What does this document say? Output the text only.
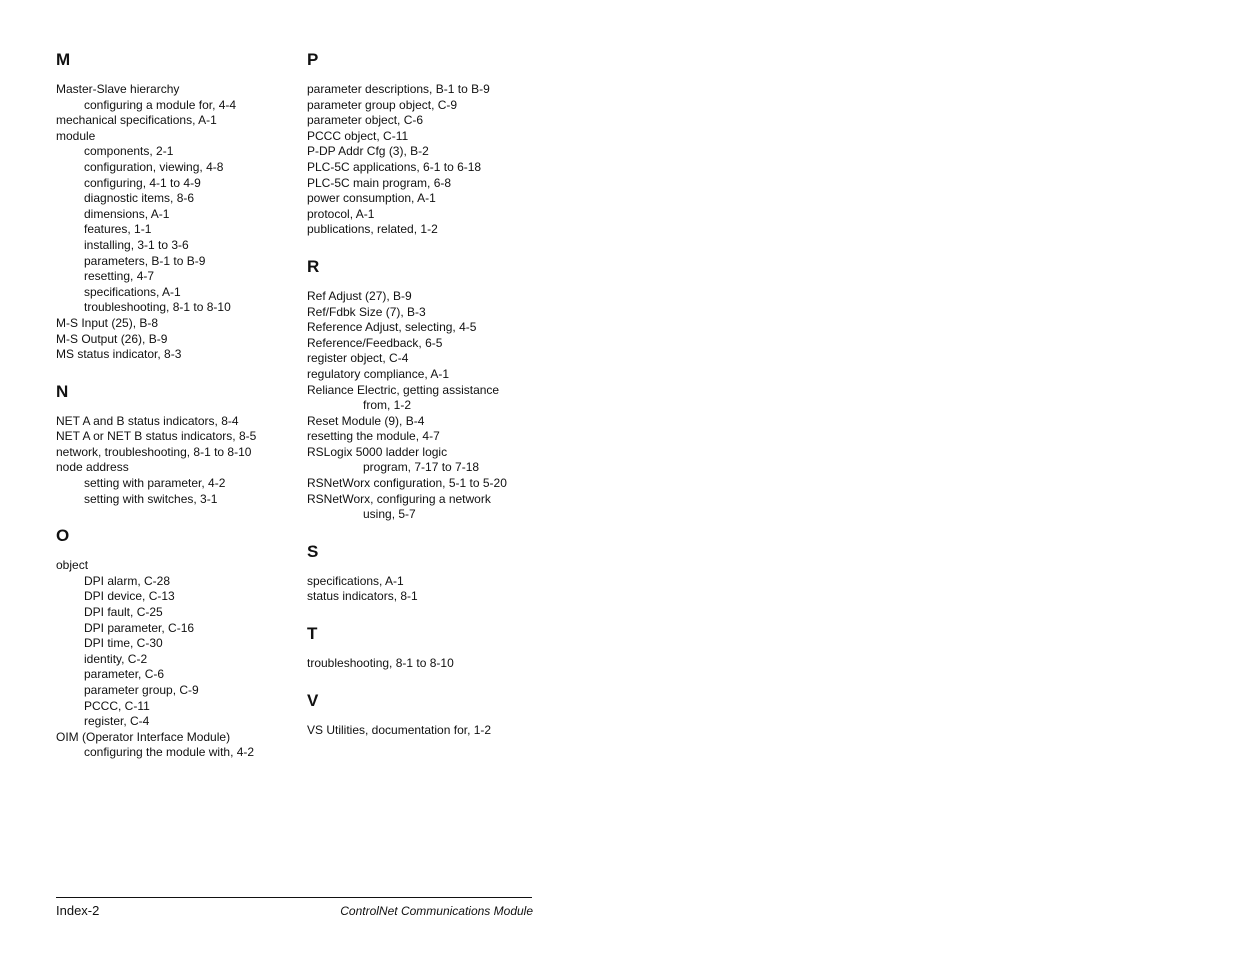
M
Master-Slave hierarchy
configuring a module for, 4-4
mechanical specifications, A-1
module
components, 2-1
configuration, viewing, 4-8
configuring, 4-1 to 4-9
diagnostic items, 8-6
dimensions, A-1
features, 1-1
installing, 3-1 to 3-6
parameters, B-1 to B-9
resetting, 4-7
specifications, A-1
troubleshooting, 8-1 to 8-10
M-S Input (25), B-8
M-S Output (26), B-9
MS status indicator, 8-3
N
NET A and B status indicators, 8-4
NET A or NET B status indicators, 8-5
network, troubleshooting, 8-1 to 8-10
node address
setting with parameter, 4-2
setting with switches, 3-1
O
object
DPI alarm, C-28
DPI device, C-13
DPI fault, C-25
DPI parameter, C-16
DPI time, C-30
identity, C-2
parameter, C-6
parameter group, C-9
PCCC, C-11
register, C-4
OIM (Operator Interface Module)
configuring the module with, 4-2
P
parameter descriptions, B-1 to B-9
parameter group object, C-9
parameter object, C-6
PCCC object, C-11
P-DP Addr Cfg (3), B-2
PLC-5C applications, 6-1 to 6-18
PLC-5C main program, 6-8
power consumption, A-1
protocol, A-1
publications, related, 1-2
R
Ref Adjust (27), B-9
Ref/Fdbk Size (7), B-3
Reference Adjust, selecting, 4-5
Reference/Feedback, 6-5
register object, C-4
regulatory compliance, A-1
Reliance Electric, getting assistance
from, 1-2
Reset Module (9), B-4
resetting the module, 4-7
RSLogix 5000 ladder logic
program, 7-17 to 7-18
RSNetWorx configuration, 5-1 to 5-20
RSNetWorx, configuring a network
using, 5-7
S
specifications, A-1
status indicators, 8-1
T
troubleshooting, 8-1 to 8-10
V
VS Utilities, documentation for, 1-2
Index-2	ControlNet Communications Module
